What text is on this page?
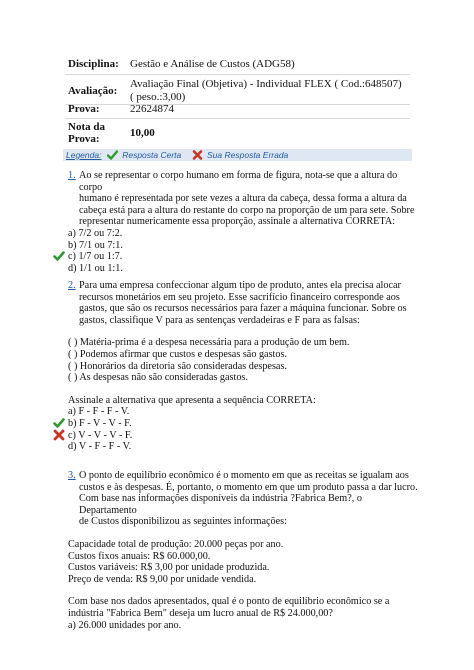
Disciplina:	Gestão e Análise de Custos (ADG58)
Avaliação:
Avaliação Final (Objetiva) - Individual FLEX ( Cod.:648507)
( peso.:3,00)
Prova:	22624874
Nota da
Prova:	10,00
Legenda: Resposta Certa	Sua Resposta Errada
1. Ao se representar o corpo humano em forma de figura, nota-se que a altura do corpo

humano é representada por sete vezes a altura da cabeça, dessa forma a altura da

cabeça está para a altura do restante do corpo na proporção de um para sete. Sobre

representar numericamente essa proporção, assinale a alternativa CORRETA:

a) 7/2 ou 7:2.

b) 7/1 ou 7:1.

c) 1/7 ou 1:7.

d) 1/1 ou 1:1.

2. Para uma empresa confeccionar algum tipo de produto, antes ela precisa alocar

recursos monetários em seu projeto. Esse sacrifício financeiro corresponde aos

gastos, que são os recursos necessários para fazer a máquina funcionar. Sobre os

gastos, classifique V para as sentenças verdadeiras e F para as falsas:

( ) Matéria-prima é a despesa necessária para a produção de um bem.

( ) Podemos afirmar que custos e despesas são gastos.

( ) Honorários da diretoria são consideradas despesas.

( ) As despesas não são consideradas gastos.

Assinale a alternativa que apresenta a sequência CORRETA:

a) F - F - F - V.

b) F - V - V - F.

c) V - V - V - F.

d) V - F - F - V.

3. O ponto de equilíbrio econômico é o momento em que as receitas se igualam aos

custos e às despesas. É, portanto, o momento em que um produto passa a dar lucro.

Com base nas informações disponíveis da indústria ?Fabrica Bem?, o Departamento

de Custos disponibilizou as seguintes informações:

Capacidade total de produção: 20.000 peças por ano.

Custos fixos anuais: R$ 60.000,00.

Custos variáveis: R$ 3,00 por unidade produzida.

Preço de venda: R$ 9,00 por unidade vendida.

Com base nos dados apresentados, qual é o ponto de equilíbrio econômico se a

indústria "Fabrica Bem" deseja um lucro anual de R$ 24.000,00?

a) 26.000 unidades por ano.
